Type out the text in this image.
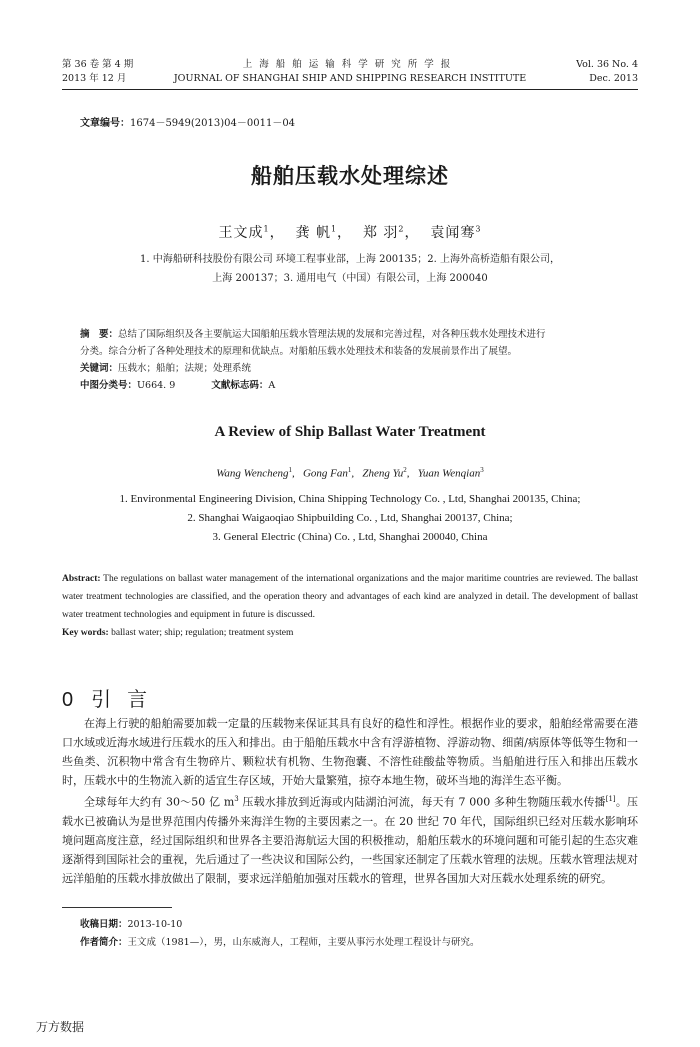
第 36 卷 第 4 期
2013 年 12 月
上海船舶运输科学研究所学报
JOURNAL OF SHANGHAI SHIP AND SHIPPING RESEARCH INSTITUTE
Vol. 36 No. 4
Dec. 2013
文章编号：1674－5949(2013)04－0011－04
船舶压载水处理综述
王文成$^1$，  龚 帆$^1$，  郑 羽$^2$，  袁闻骞$^3$
1. 中海船研科技股份有限公司 环境工程事业部，上海 200135；2. 上海外高桥造船有限公司，
上海 200137；3. 通用电气（中国）有限公司，上海 200040
摘　要：总结了国际组织及各主要航运大国船舶压载水管理法规的发展和完善过程，对各种压载水处理技术进行
分类。综合分析了各种处理技术的原理和优缺点。对船舶压载水处理技术和装备的发展前景作出了展望。
关键词：压载水；船舶；法规；处理系统
中图分类号：U664. 9	文献标志码：A
A Review of Ship Ballast Water Treatment
Wang Wencheng$^1$,   Gong Fan$^1$,   Zheng Yu$^2$,   Yuan Wenqian$^3$
1. Environmental Engineering Division, China Shipping Technology Co. , Ltd, Shanghai 200135, China;
2. Shanghai Waigaoqiao Shipbuilding Co. , Ltd, Shanghai 200137, China;
3. General Electric (China) Co. , Ltd, Shanghai 200040, China
Abstract: The regulations on ballast water management of the international organizations and the major maritime countries are reviewed. The ballast water treatment technologies are classified, and the operation theory and advantages of each kind are analyzed in detail. The development of ballast water treatment technologies and equipment in future is discussed.
Key words: ballast water; ship; regulation; treatment system
0 引言

在海上行驶的船舶需要加载一定量的压载物来保证其具有良好的稳性和浮性。根据作业的要求，船舶经常需要在港口水域或近海水域进行压载水的压入和排出。由于船舶压载水中含有浮游植物、浮游动物、细菌/病原体等低等生物和一些鱼类、沉积物中常含有生物碎片、颗粒状有机物、生物孢囊、不溶性硅酸盐等物质。当船舶进行压入和排出压载水时，压载水中的生物流入新的适宜生存区域，开始大量繁殖，掠夺本地生物，破坏当地的海洋生态平衡。

全球每年大约有 30～50 亿 $m^3$ 压载水排放到近海或内陆湖泊河流，每天有 7 000 多种生物随压载水传播[1]。压载水已被确认为是世界范围内传播外来海洋生物的主要因素之一。在 20 世纪 70 年代，国际组织已经对压载水影响环境问题高度注意，经过国际组织和世界各主要沿海航运大国的积极推动，船舶压载水的环境问题和可能引起的生态灾难逐渐得到国际社会的重视，先后通过了一些决议和国际公约，一些国家还制定了压载水管理的法规。压载水管理法规对远洋船舶的压载水排放做出了限制，要求远洋船舶加强对压载水的管理，世界各国加大对压载水处理系统的研究。

收稿日期：2013-10-10
作者简介：王文成（1981—），男，山东威海人，工程师，主要从事污水处理工程设计与研究。
万方数据
